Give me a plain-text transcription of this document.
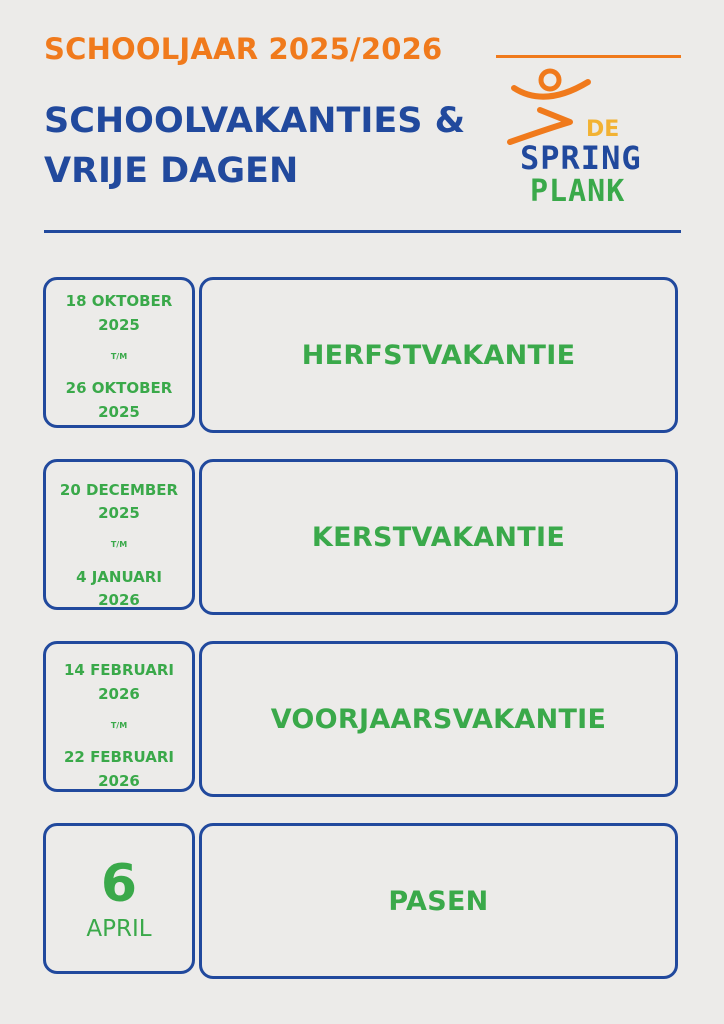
SCHOOLJAAR 2025/2026
SCHOOLVAKANTIES &
VRIJE DAGEN
DE
SPRING
PLANK
18 OKTOBER
2025
T/M
26 OKTOBER
2025
HERFSTVAKANTIE
20 DECEMBER
2025
T/M
4 JANUARI
2026
KERSTVAKANTIE
14 FEBRUARI
2026
T/M
22 FEBRUARI
2026
VOORJAARSVAKANTIE
6
APRIL
PASEN
